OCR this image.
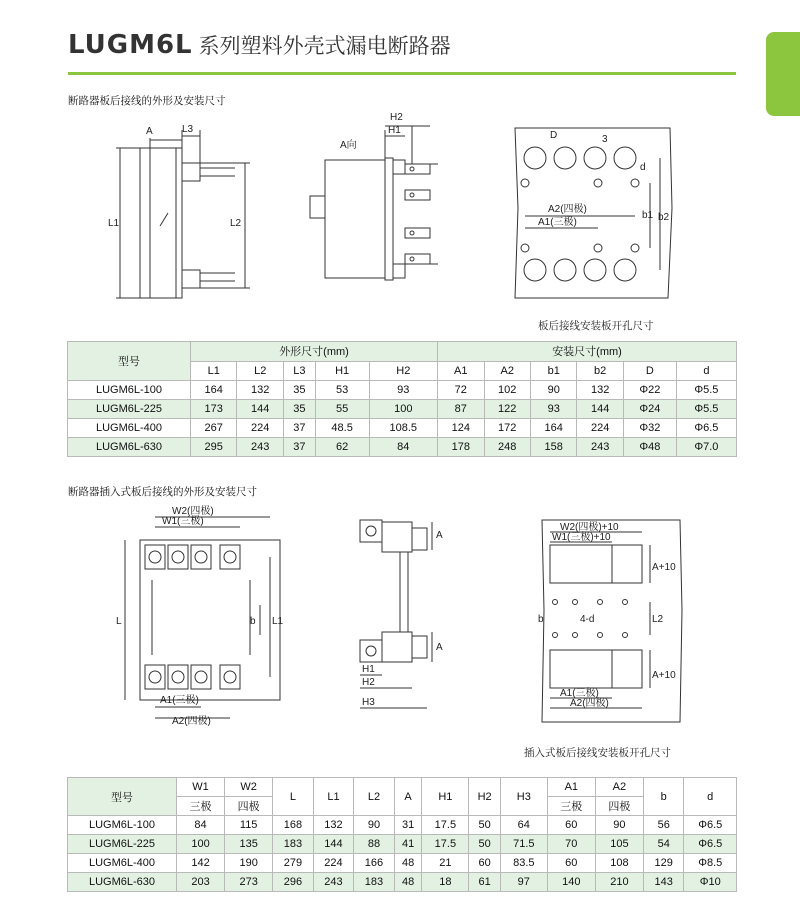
LUGM6L 系列塑料外壳式漏电断路器
断路器板后接线的外形及安装尺寸
A	L3
L1	L2
H2
H1
A向
D	3
d
A2(四极)
A1(三极)
b1 b2
板后接线安装板开孔尺寸
型号	外形尺寸(mm)					安装尺寸(mm)					
	L1	L2	L3	H1	H2	A1	A2	b1	b2	D	d
LUGM6L-100	164	132	35	53	93	72	102	90	132	Φ22	Φ5.5
LUGM6L-225	173	144	35	55	100	87	122	93	144	Φ24	Φ5.5
LUGM6L-400	267	224	37	48.5	108.5	124	172	164	224	Φ32	Φ6.5
LUGM6L-630	295	243	37	62	84	178	248	158	243	Φ48	Φ7.0
断路器插入式板后接线的外形及安装尺寸
W2(四极)
W1(三极)
L	L1
b
A1(三极)
A2(四极)
A
A
H1
H2
H3
W2(四极)+10
W1(三极)+10
A+10
A+10
4-d
b	L2
A1(三极)
A2(四极)
插入式板后接线安装板开孔尺寸
型号	W1	W2	L	L1	L2	A	H1	H2	H3	A1	A2	b	d
	三极	四极								三极	四极		
LUGM6L-100	84	115	168	132	90	31	17.5	50	64	60	90	56	Φ6.5
LUGM6L-225	100	135	183	144	88	41	17.5	50	71.5	70	105	54	Φ6.5
LUGM6L-400	142	190	279	224	166	48	21	60	83.5	60	108	129	Φ8.5
LUGM6L-630	203	273	296	243	183	48	18	61	97	140	210	143	Φ10
